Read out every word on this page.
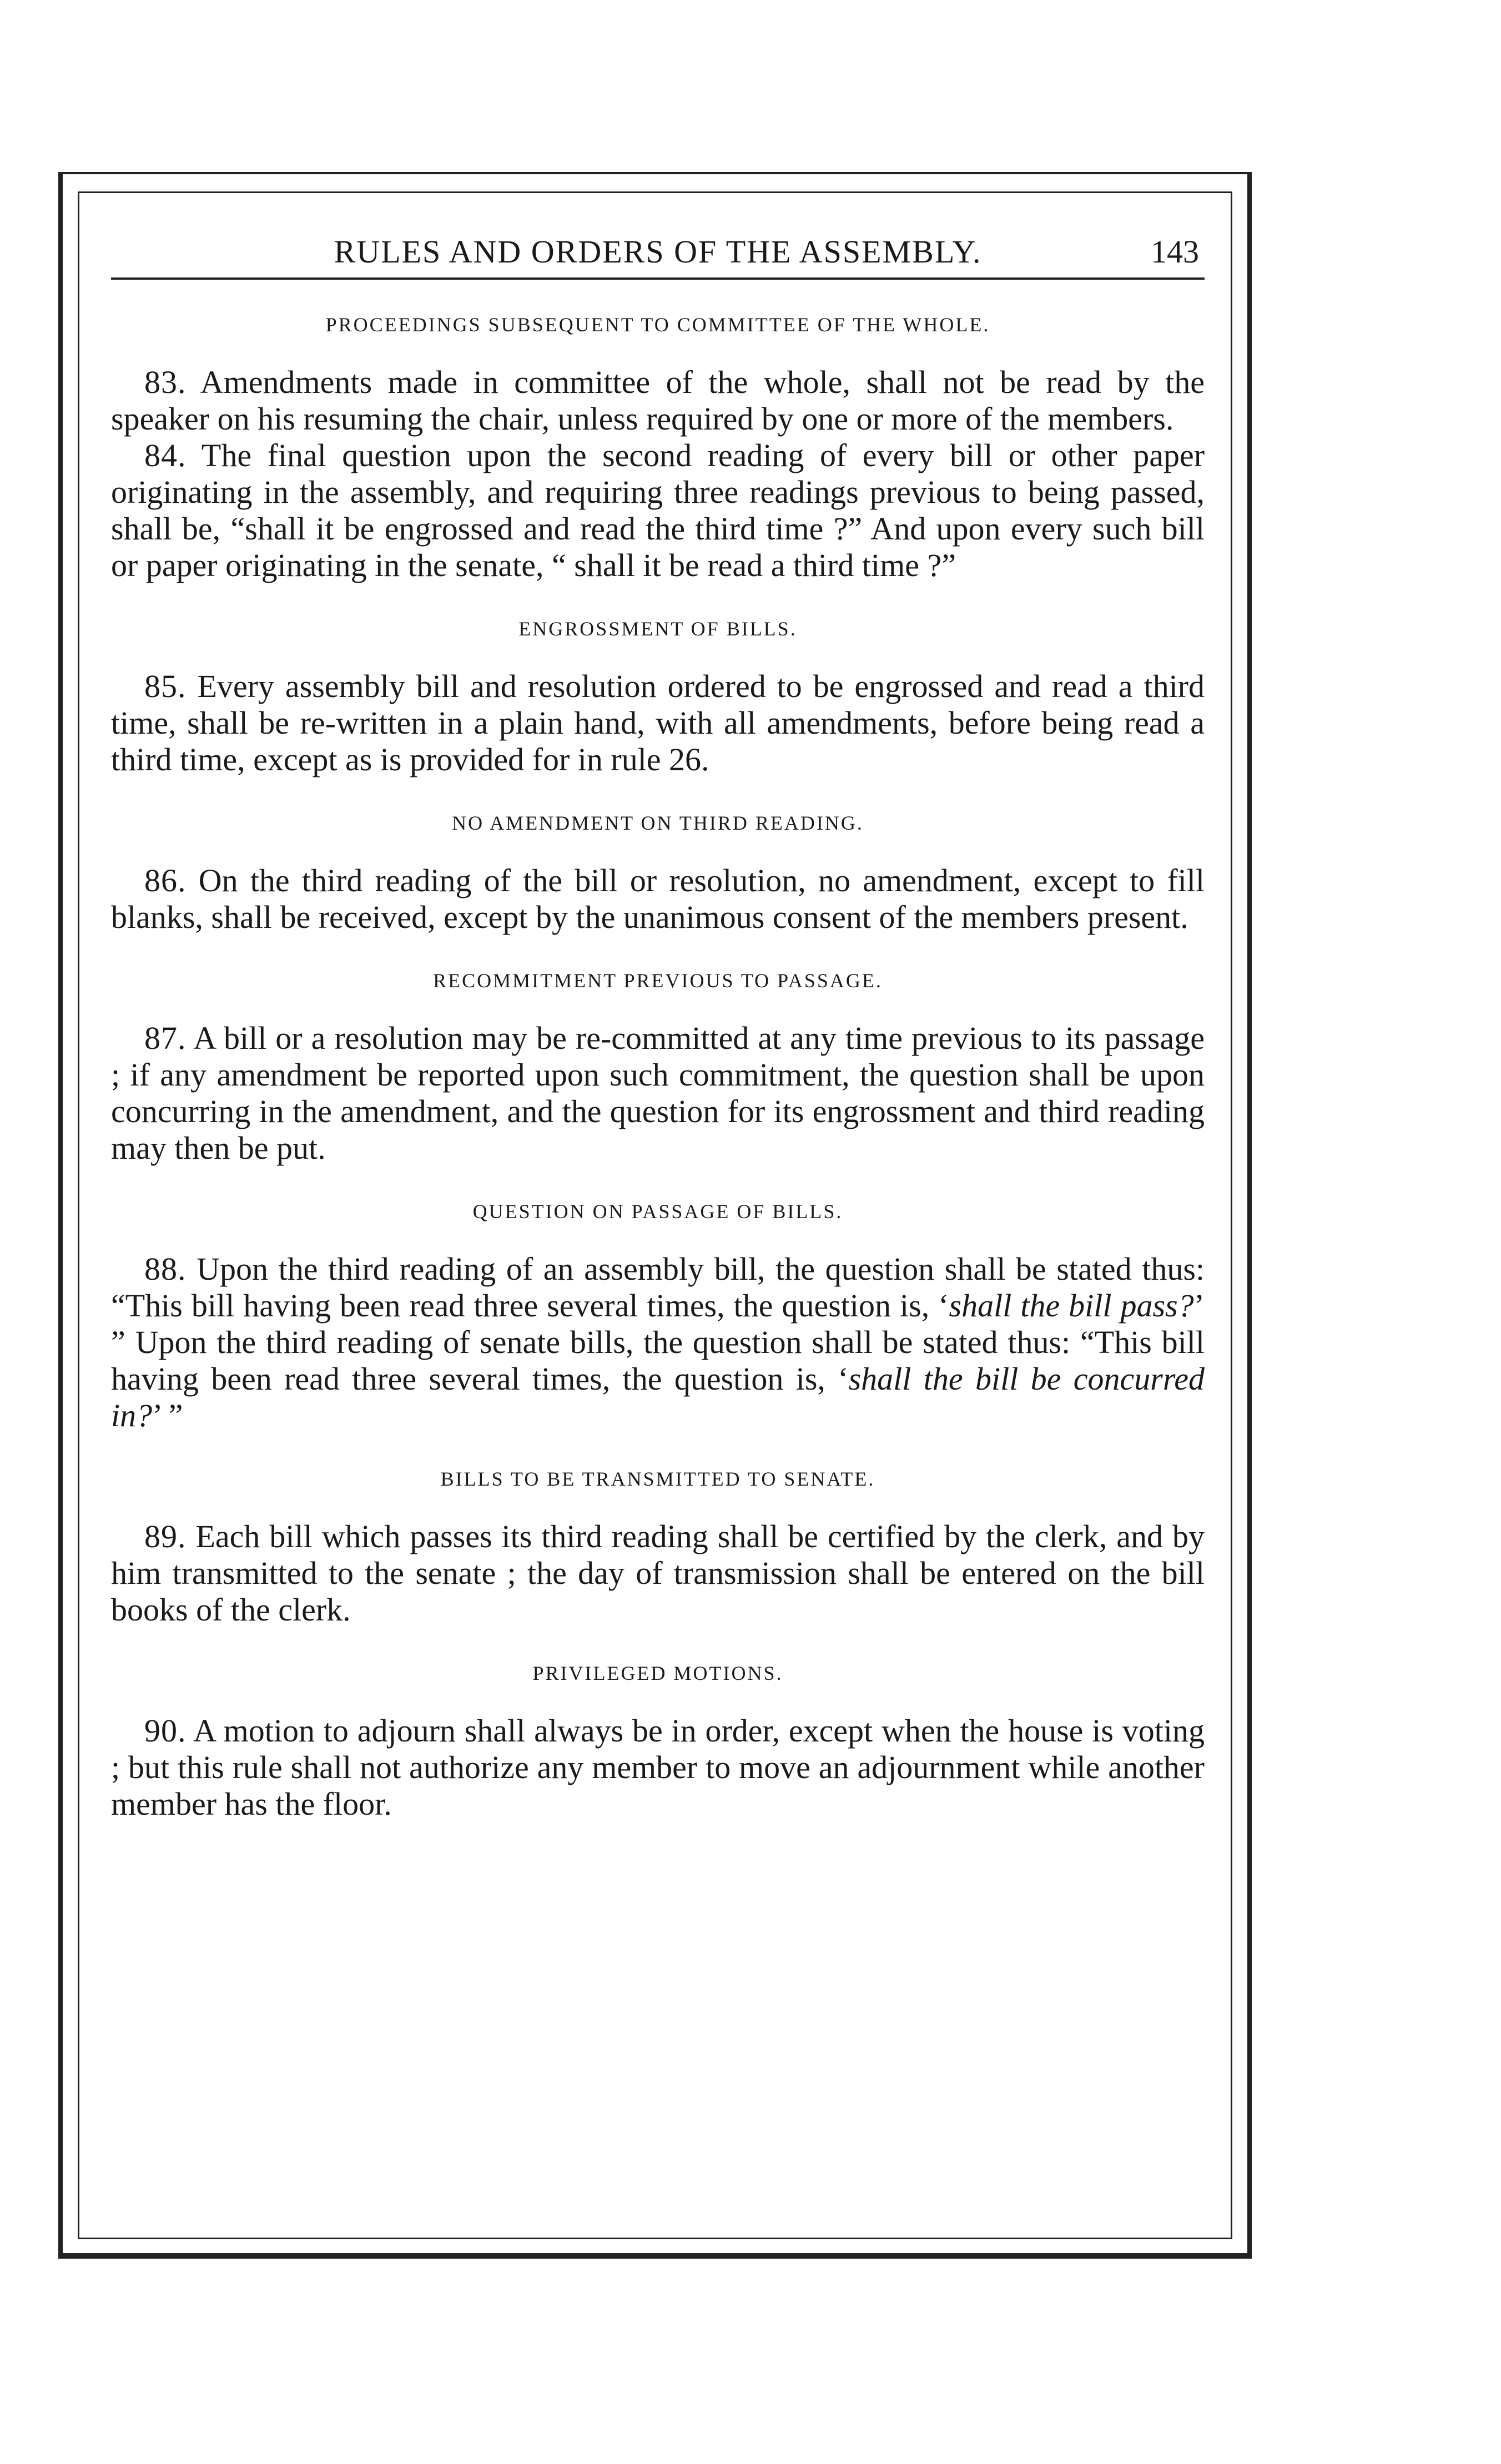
RULES AND ORDERS OF THE ASSEMBLY.	143
PROCEEDINGS SUBSEQUENT TO COMMITTEE OF THE WHOLE.

83. Amendments made in committee of the whole, shall not be read by the speaker on his resuming the chair, unless required by one or more of the members.

84. The final question upon the second reading of every bill or other paper originating in the assembly, and requiring three readings previous to being passed, shall be, “shall it be engrossed and read the third time ?” And upon every such bill or paper originating in the senate, “ shall it be read a third time ?”

ENGROSSMENT OF BILLS.

85. Every assembly bill and resolution ordered to be engrossed and read a third time, shall be re-written in a plain hand, with all amendments, before being read a third time, except as is provided for in rule 26.

NO AMENDMENT ON THIRD READING.

86. On the third reading of the bill or resolution, no amendment, except to fill blanks, shall be received, except by the unanimous consent of the members present.

RECOMMITMENT PREVIOUS TO PASSAGE.

87. A bill or a resolution may be re-committed at any time previous to its passage ; if any amendment be reported upon such commitment, the question shall be upon concurring in the amendment, and the question for its engrossment and third reading may then be put.

QUESTION ON PASSAGE OF BILLS.

88. Upon the third reading of an assembly bill, the question shall be stated thus: “This bill having been read three several times, the question is, ‘shall the bill pass?’ ” Upon the third reading of senate bills, the question shall be stated thus: “This bill having been read three several times, the question is, ‘shall the bill be concurred in?’ ”

BILLS TO BE TRANSMITTED TO SENATE.

89. Each bill which passes its third reading shall be certified by the clerk, and by him transmitted to the senate ; the day of transmission shall be entered on the bill books of the clerk.

PRIVILEGED MOTIONS.

90. A motion to adjourn shall always be in order, except when the house is voting ; but this rule shall not authorize any member to move an adjournment while another member has the floor.
